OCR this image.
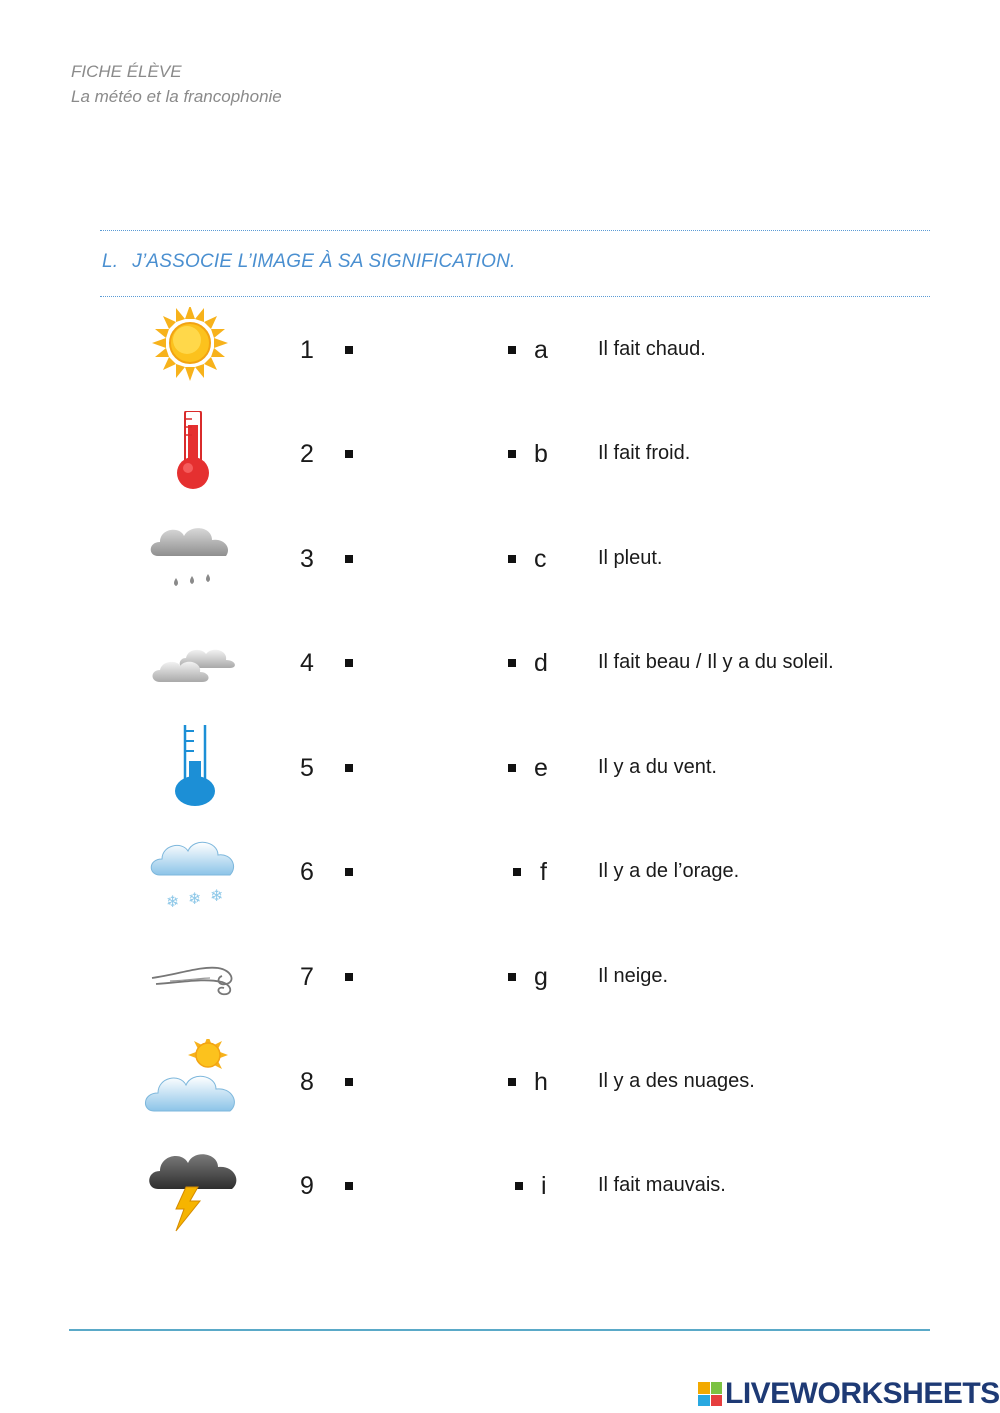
FICHE ÉLÈVE
La météo et la francophonie
L. J’ASSOCIE L’IMAGE À SA SIGNIFICATION.
1	a	Il fait chaud.
2	b	Il fait froid.
3	c	Il pleut.
4	d	Il fait beau / Il y a du soleil.
5	e	Il y a du vent.
❄ ❄ ❄
6	f	Il y a de l’orage.
7	g	Il neige.
8	h	Il y a des nuages.
9	i	Il fait mauvais.
LIVEWORKSHEETS
